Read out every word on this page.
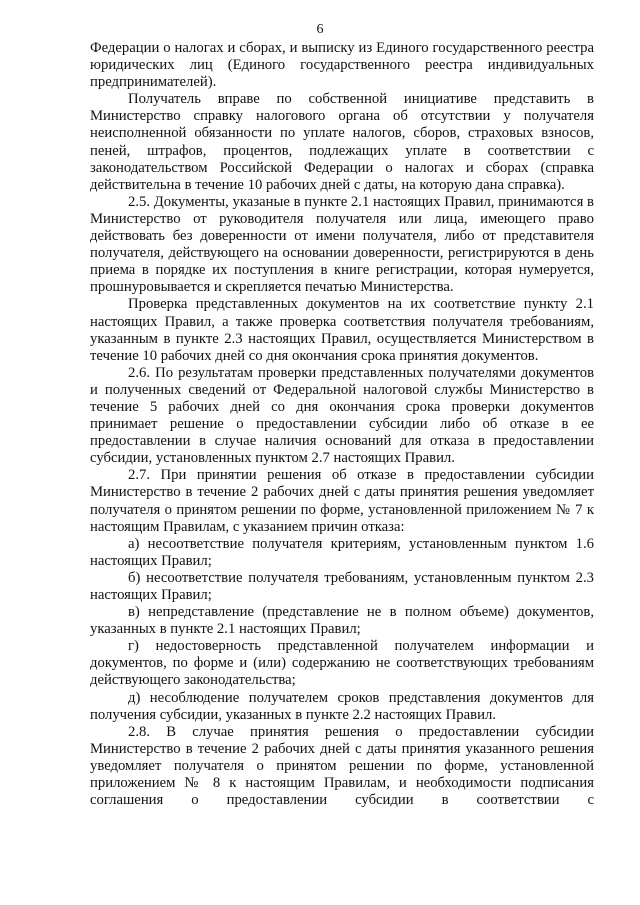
6

Федерации о налогах и сборах, и выписку из Единого государственного реестра юридических лиц (Единого государственного реестра индивидуальных предпринимателей).

Получатель вправе по собственной инициативе представить в Министерство справку налогового органа об отсутствии у получателя неисполненной обязанности по уплате налогов, сборов, страховых взносов, пеней, штрафов, процентов, подлежащих уплате в соответствии с законодательством Российской Федерации о налогах и сборах (справка действительна в течение 10 рабочих дней с даты, на которую дана справка).

2.5. Документы, указаные в пункте 2.1 настоящих Правил, принимаются в Министерство от руководителя получателя или лица, имеющего право действовать без доверенности от имени получателя, либо от представителя получателя, действующего на основании доверенности, регистрируются в день приема в порядке их поступления в книге регистрации, которая нумеруется, прошнуровывается и скрепляется печатью Министерства.

Проверка представленных документов на их соответствие пункту 2.1 настоящих Правил, а также проверка соответствия получателя требованиям, указанным в пункте 2.3 настоящих Правил, осуществляется Министерством в течение 10 рабочих дней со дня окончания срока принятия документов.

2.6. По результатам проверки представленных получателями документов и полученных сведений от Федеральной налоговой службы Министерство в течение 5 рабочих дней со дня окончания срока проверки документов принимает решение о предоставлении субсидии либо об отказе в ее предоставлении в случае наличия оснований для отказа в предоставлении субсидии, установленных пунктом 2.7 настоящих Правил.

2.7. При принятии решения об отказе в предоставлении субсидии Министерство в течение 2 рабочих дней с даты принятия решения уведомляет получателя о принятом решении по форме, установленной приложением № 7 к настоящим Правилам, с указанием причин отказа:

а) несоответствие получателя критериям, установленным пунктом 1.6 настоящих Правил;

б) несоответствие получателя требованиям, установленным пунктом 2.3 настоящих Правил;

в) непредставление (представление не в полном объеме) документов, указанных в пункте 2.1 настоящих Правил;

г) недостоверность представленной получателем информации и документов, по форме и (или) содержанию не соответствующих требованиям действующего законодательства;

д) несоблюдение получателем сроков представления документов для получения субсидии, указанных в пункте 2.2 настоящих Правил.

2.8. В случае принятия решения о предоставлении субсидии Министерство в течение 2 рабочих дней с даты принятия указанного решения уведомляет получателя о принятом решении по форме, установленной приложением № 8 к настоящим Правилам, и необходимости подписания соглашения о предоставлении субсидии в соответствии с
